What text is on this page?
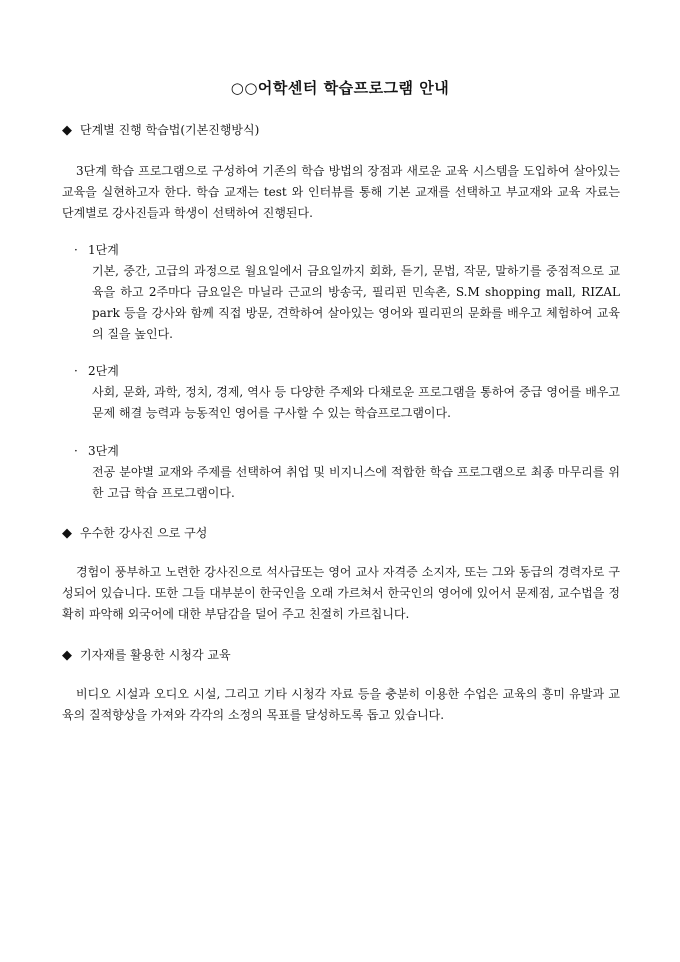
○○어학센터 학습프로그램 안내
◆ 단계별 진행 학습법(기본진행방식)
3단계 학습 프로그램으로 구성하여 기존의 학습 방법의 장점과 새로운 교육 시스템을 도입하여 살아있는 교육을 실현하고자 한다. 학습 교재는 test 와 인터뷰를 통해 기본 교재를 선택하고 부교재와 교육 자료는 단계별로 강사진들과 학생이 선택하여 진행된다.
· 1단계
기본, 중간, 고급의 과정으로 월요일에서 금요일까지 회화, 듣기, 문법, 작문, 말하기를 중점적으로 교육을 하고 2주마다 금요일은 마닐라 근교의 방송국, 필리핀 민속촌, S.M shopping mall, RIZAL park 등을 강사와 함께 직접 방문, 견학하여 살아있는 영어와 필리핀의 문화를 배우고 체험하여 교육의 질을 높인다.
· 2단계
사회, 문화, 과학, 정치, 경제, 역사 등 다양한 주제와 다채로운 프로그램을 통하여 중급 영어를 배우고 문제 해결 능력과 능동적인 영어를 구사할 수 있는 학습프로그램이다.
· 3단계
전공 분야별 교재와 주제를 선택하여 취업 및 비지니스에 적합한 학습 프로그램으로 최종 마무리를 위한 고급 학습 프로그램이다.
◆ 우수한 강사진 으로 구성
경험이 풍부하고 노련한 강사진으로 석사급또는 영어 교사 자격증 소지자, 또는 그와 동급의 경력자로 구성되어 있습니다. 또한 그들 대부분이 한국인을 오래 가르쳐서 한국인의 영어에 있어서 문제점, 교수법을 정확히 파악해 외국어에 대한 부담감을 덜어 주고 친절히 가르칩니다.
◆ 기자재를 활용한 시청각 교육
비디오 시설과 오디오 시설, 그리고 기타 시청각 자료 등을 충분히 이용한 수업은 교육의 흥미 유발과 교육의 질적향상을 가져와 각각의 소정의 목표를 달성하도록 돕고 있습니다.
